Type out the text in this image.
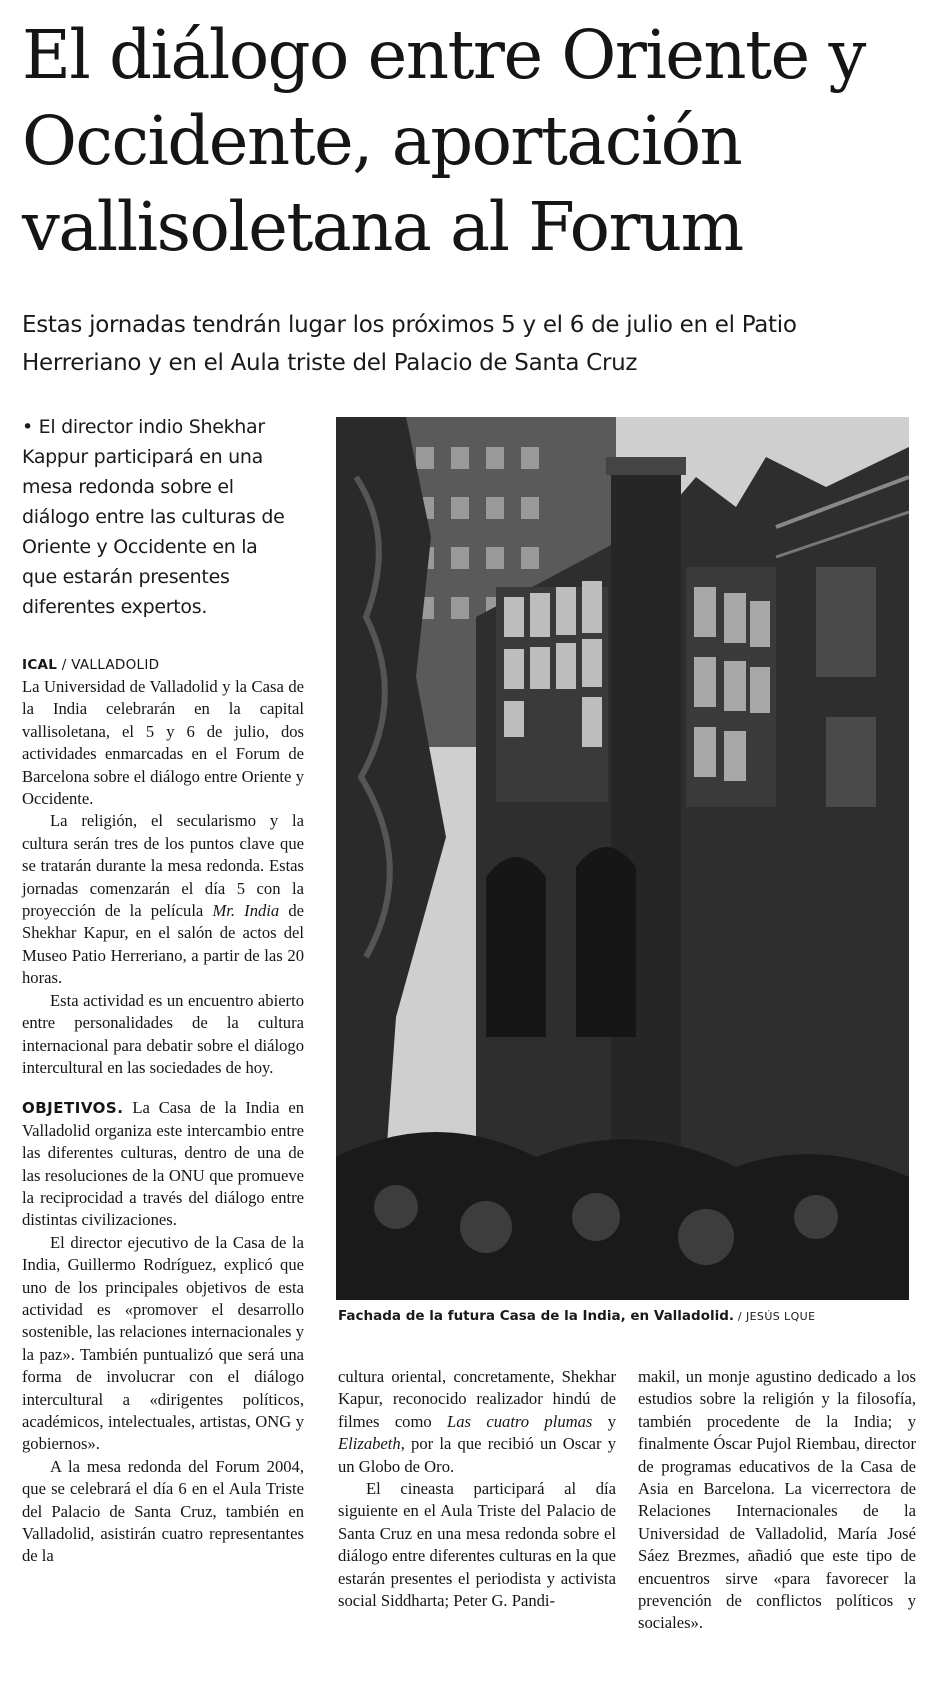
El diálogo entre Oriente y Occidente, aportación vallisoletana al Forum
Estas jornadas tendrán lugar los próximos 5 y el 6 de julio en el Patio Herreriano y en el Aula triste del Palacio de Santa Cruz

• El director indio Shekhar Kappur participará en una mesa redonda sobre el diálogo entre las culturas de Oriente y Occidente en la que estarán presentes diferentes expertos.

ICAL / VALLADOLID

La Universidad de Valladolid y la Casa de la India celebrarán en la capital vallisoletana, el 5 y 6 de julio, dos actividades enmarcadas en el Forum de Barcelona sobre el diálogo entre Oriente y Occidente.

La religión, el secularismo y la cultura serán tres de los puntos clave que se tratarán durante la mesa redonda. Estas jornadas comenzarán el día 5 con la proyección de la película Mr. India de Shekhar Kapur, en el salón de actos del Museo Patio Herreriano, a partir de las 20 horas.

Esta actividad es un encuentro abierto entre personalidades de la cultura internacional para debatir sobre el diálogo intercultural en las sociedades de hoy.

OBJETIVOS. La Casa de la India en Valladolid organiza este intercambio entre las diferentes culturas, dentro de una de las resoluciones de la ONU que promueve la reciprocidad a través del diálogo entre distintas civilizaciones.

El director ejecutivo de la Casa de la India, Guillermo Rodríguez, explicó que uno de los principales objetivos de esta actividad es «promover el desarrollo sostenible, las relaciones internacionales y la paz». También puntualizó que será una forma de involucrar con el diálogo intercultural a «dirigentes políticos, académicos, intelectuales, artistas, ONG y gobiernos».

A la mesa redonda del Forum 2004, que se celebrará el día 6 en el Aula Triste del Palacio de Santa Cruz, también en Valladolid, asistirán cuatro representantes de la

cultura oriental, concretamente, Shekhar Kapur, reconocido realizador hindú de filmes como Las cuatro plumas y Elizabeth, por la que recibió un Oscar y un Globo de Oro.

El cineasta participará al día siguiente en el Aula Triste del Palacio de Santa Cruz en una mesa redonda sobre el diálogo entre diferentes culturas en la que estarán presentes el periodista y activista social Siddharta; Peter G. Pandi-

makil, un monje agustino dedicado a los estudios sobre la religión y la filosofía, también procedente de la India; y finalmente Óscar Pujol Riembau, director de programas educativos de la Casa de Asia en Barcelona. La vicerrectora de Relaciones Internacionales de la Universidad de Valladolid, María José Sáez Brezmes, añadió que este tipo de encuentros sirve «para favorecer la prevención de conflictos políticos y sociales».

Fachada de la futura Casa de la India, en Valladolid. / JESÚS LQUE
